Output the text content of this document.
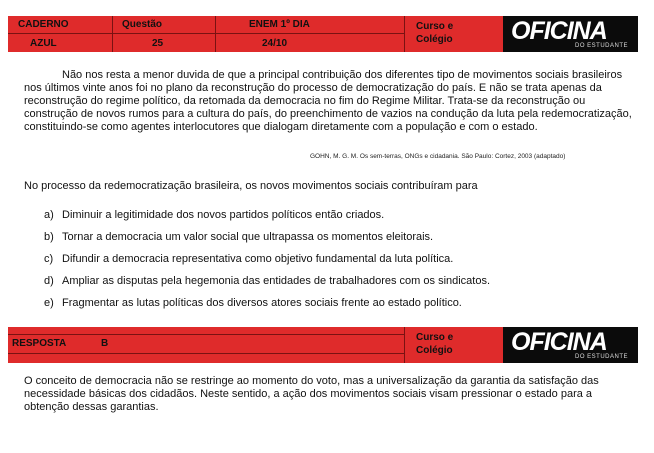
CADERNO
AZUL
Questão
25
ENEM 1º DIA
24/10
Curso e
Colégio OFICINA
DO ESTUDANTE
Não nos resta a menor duvida de que a principal contribuição dos diferentes tipo de movimentos sociais brasileiros nos últimos vinte anos foi no plano da reconstrução do processo de democratização do país. E não se trata apenas da reconstrução do regime político, da retomada da democracia no fim do Regime Militar. Trata-se da reconstrução ou construção de novos rumos para a cultura do país, do preenchimento de vazios na condução da luta pela redemocratização, constituindo-se como agentes interlocutores que dialogam diretamente com a população e com o estado.
GOHN, M. G. M. Os sem-terras, ONGs e cidadania. São Paulo: Cortez, 2003 (adaptado)
No processo da redemocratização brasileira, os novos movimentos sociais contribuíram para
a) Diminuir a legitimidade dos novos partidos políticos então criados.
b) Tornar a democracia um valor social que ultrapassa os momentos eleitorais.
c) Difundir a democracia representativa como objetivo fundamental da luta política.
d) Ampliar as disputas pela hegemonia das entidades de trabalhadores com os sindicatos.
e) Fragmentar as lutas políticas dos diversos atores sociais frente ao estado político.
RESPOSTA	B
Curso e
Colégio OFICINA
DO ESTUDANTE
O conceito de democracia não se restringe ao momento do voto, mas a universalização da garantia da satisfação das necessidade básicas dos cidadãos. Neste sentido, a ação dos movimentos sociais visam pressionar o estado para a obtenção dessas garantias.
